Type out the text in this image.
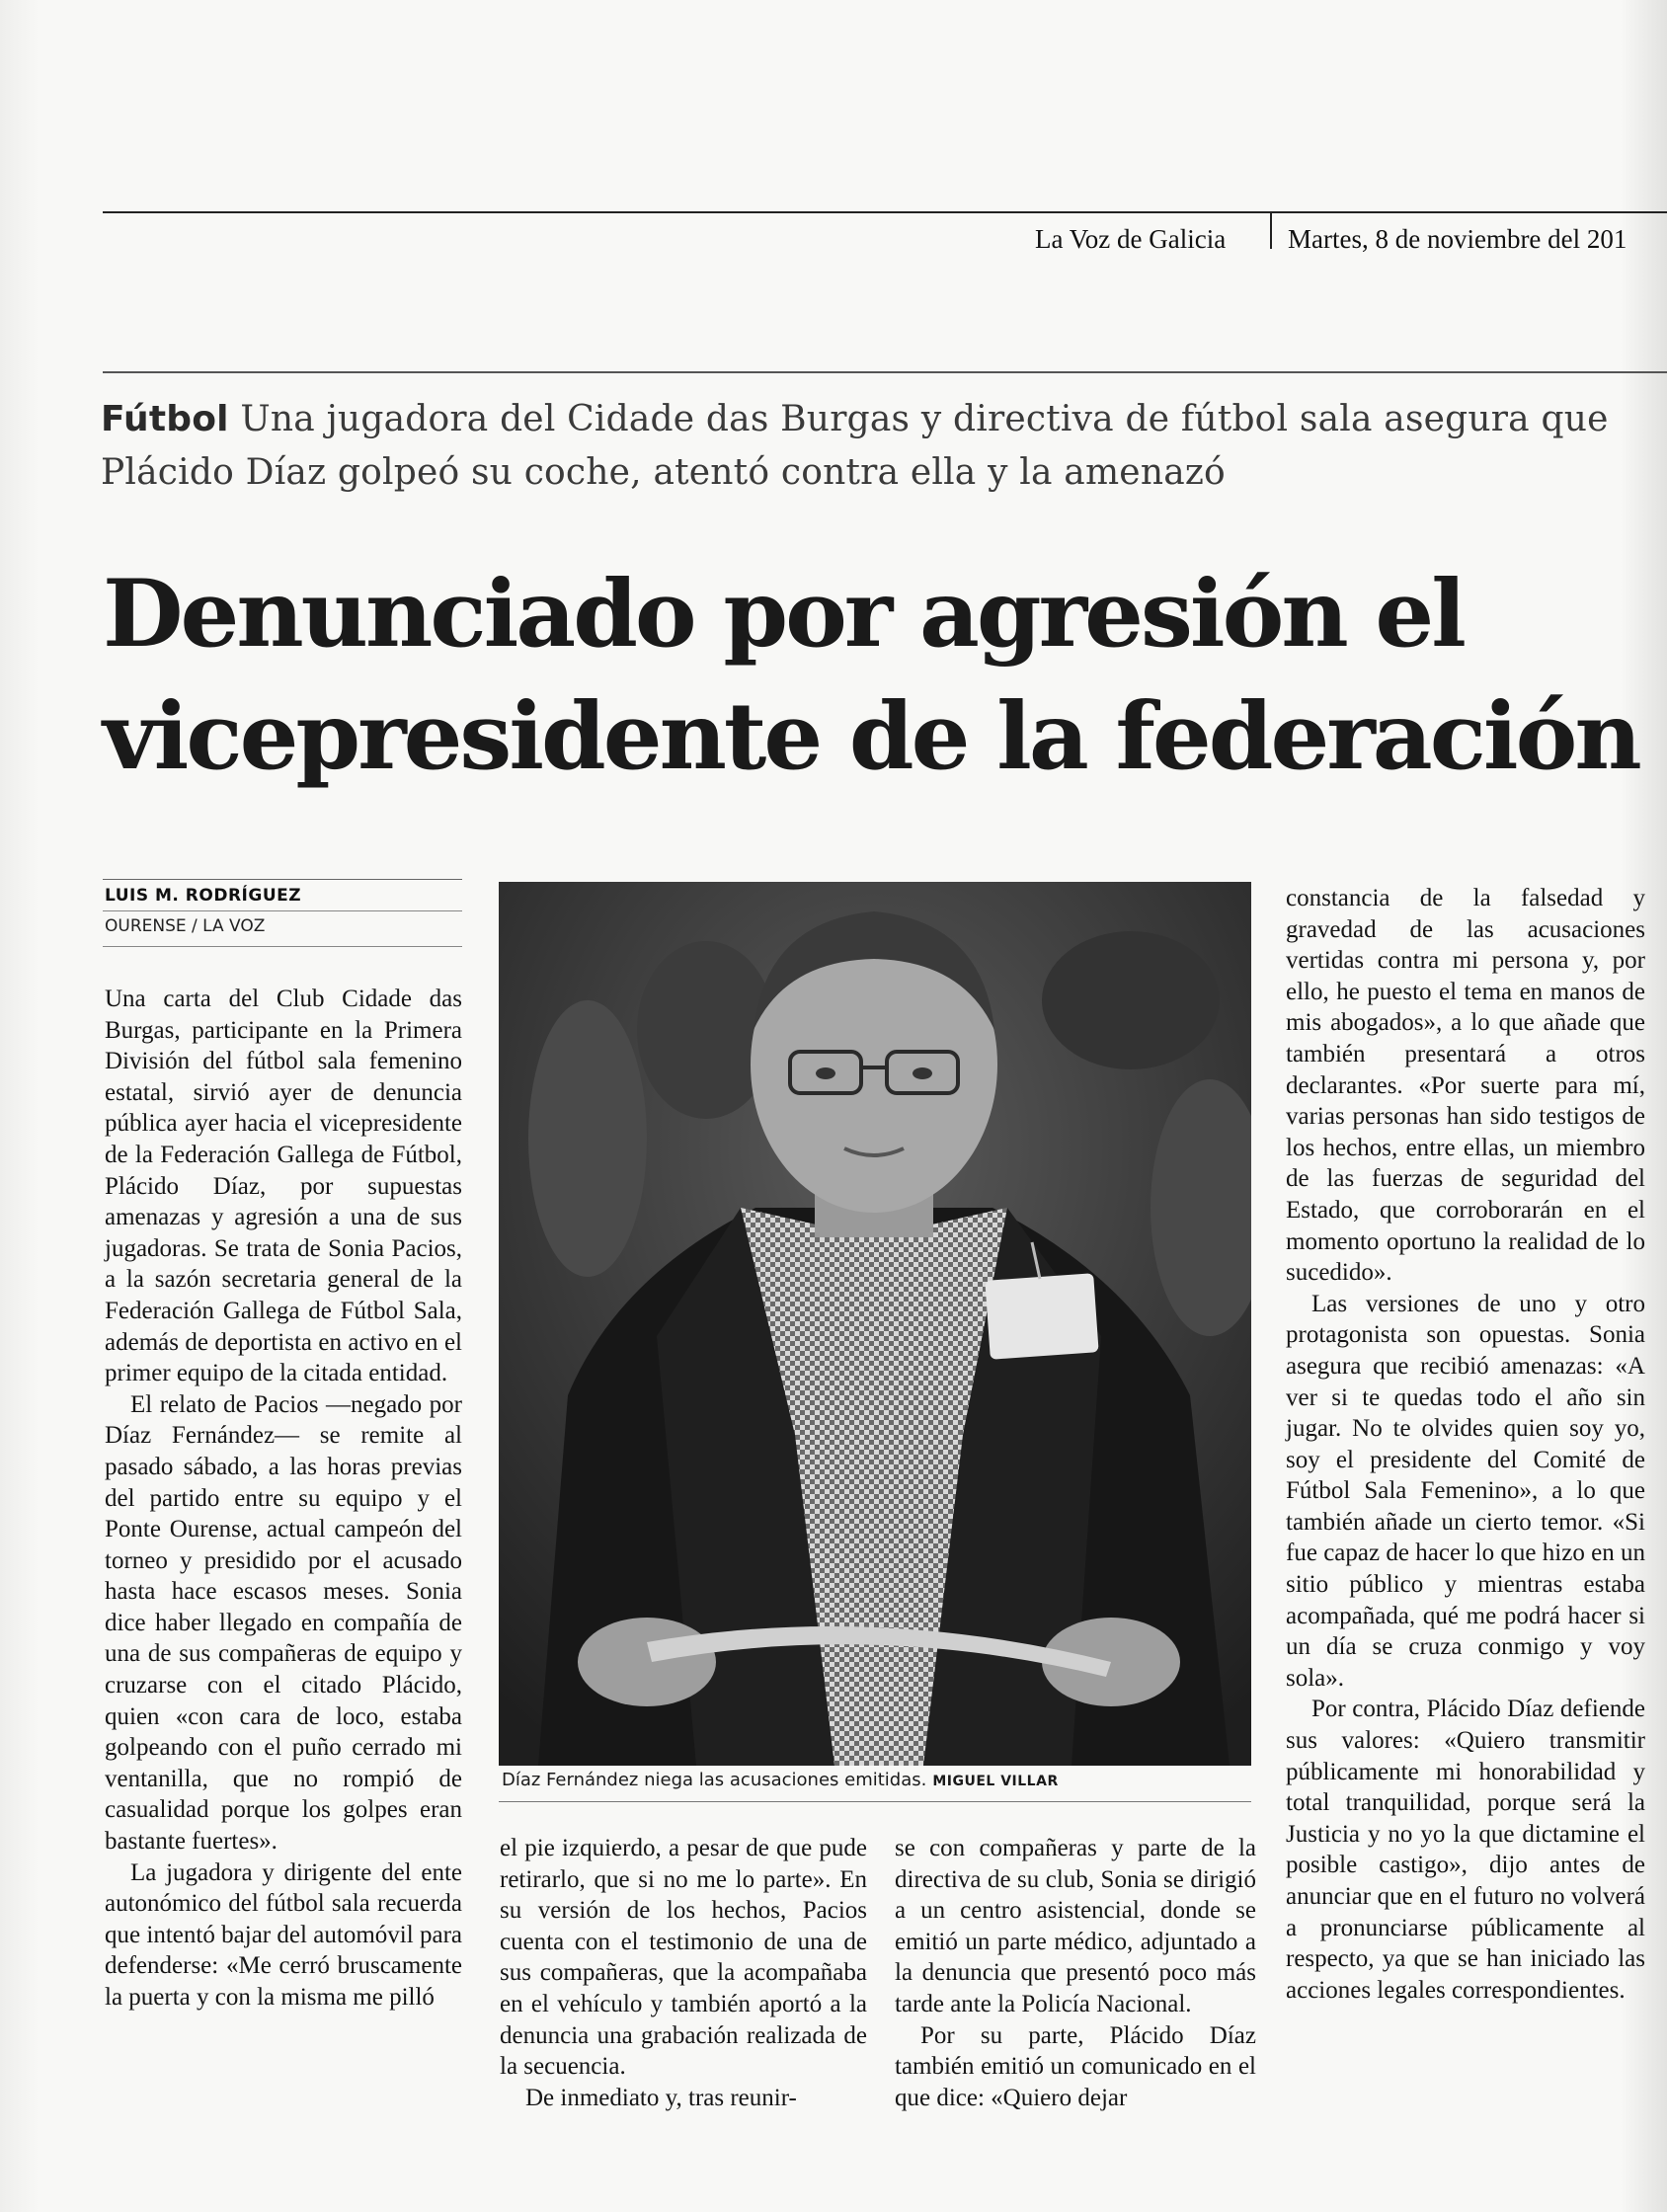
La Voz de Galicia Martes, 8 de noviembre del 201
Fútbol Una jugadora del Cidade das Burgas y directiva de fútbol sala asegura que Plácido Díaz golpeó su coche, atentó contra ella y la amenazó
Denunciado por agresión el
vicepresidente de la federación
LUIS M. RODRÍGUEZ
OURENSE / LA VOZ

Una carta del Club Cidade das Burgas, participante en la Primera División del fútbol sala femenino estatal, sirvió ayer de denuncia pública ayer hacia el vicepresidente de la Federación Gallega de Fútbol, Plácido Díaz, por supuestas amenazas y agresión a una de sus jugadoras. Se trata de Sonia Pacios, a la sazón secretaria general de la Federación Gallega de Fútbol Sala, además de deportista en activo en el primer equipo de la citada entidad.

El relato de Pacios —negado por Díaz Fernández— se remite al pasado sábado, a las horas previas del partido entre su equipo y el Ponte Ourense, actual campeón del torneo y presidido por el acusado hasta hace escasos meses. Sonia dice haber llegado en compañía de una de sus compañeras de equipo y cruzarse con el citado Plácido, quien «con cara de loco, estaba golpeando con el puño cerrado mi ventanilla, que no rompió de casualidad porque los golpes eran bastante fuertes».

La jugadora y dirigente del ente autonómico del fútbol sala recuerda que intentó bajar del automóvil para defenderse: «Me cerró bruscamente la puerta y con la misma me pilló

Díaz Fernández niega las acusaciones emitidas. MIGUEL VILLAR

el pie izquierdo, a pesar de que pude retirarlo, que si no me lo parte». En su versión de los hechos, Pacios cuenta con el testimonio de una de sus compañeras, que la acompañaba en el vehículo y también aportó a la denuncia una grabación realizada de la secuencia.

De inmediato y, tras reunir-

se con compañeras y parte de la directiva de su club, Sonia se dirigió a un centro asistencial, donde se emitió un parte médico, adjuntado a la denuncia que presentó poco más tarde ante la Policía Nacional.

Por su parte, Plácido Díaz también emitió un comunicado en el que dice: «Quiero dejar

constancia de la falsedad y gravedad de las acusaciones vertidas contra mi persona y, por ello, he puesto el tema en manos de mis abogados», a lo que añade que también presentará a otros declarantes. «Por suerte para mí, varias personas han sido testigos de los hechos, entre ellas, un miembro de las fuerzas de seguridad del Estado, que corroborarán en el momento oportuno la realidad de lo sucedido».

Las versiones de uno y otro protagonista son opuestas. Sonia asegura que recibió amenazas: «A ver si te quedas todo el año sin jugar. No te olvides quien soy yo, soy el presidente del Comité de Fútbol Sala Femenino», a lo que también añade un cierto temor. «Si fue capaz de hacer lo que hizo en un sitio público y mientras estaba acompañada, qué me podrá hacer si un día se cruza conmigo y voy sola».

Por contra, Plácido Díaz defiende sus valores: «Quiero transmitir públicamente mi honorabilidad y total tranquilidad, porque será la Justicia y no yo la que dictamine el posible castigo», dijo antes de anunciar que en el futuro no volverá a pronunciarse públicamente al respecto, ya que se han iniciado las acciones legales correspondientes.
